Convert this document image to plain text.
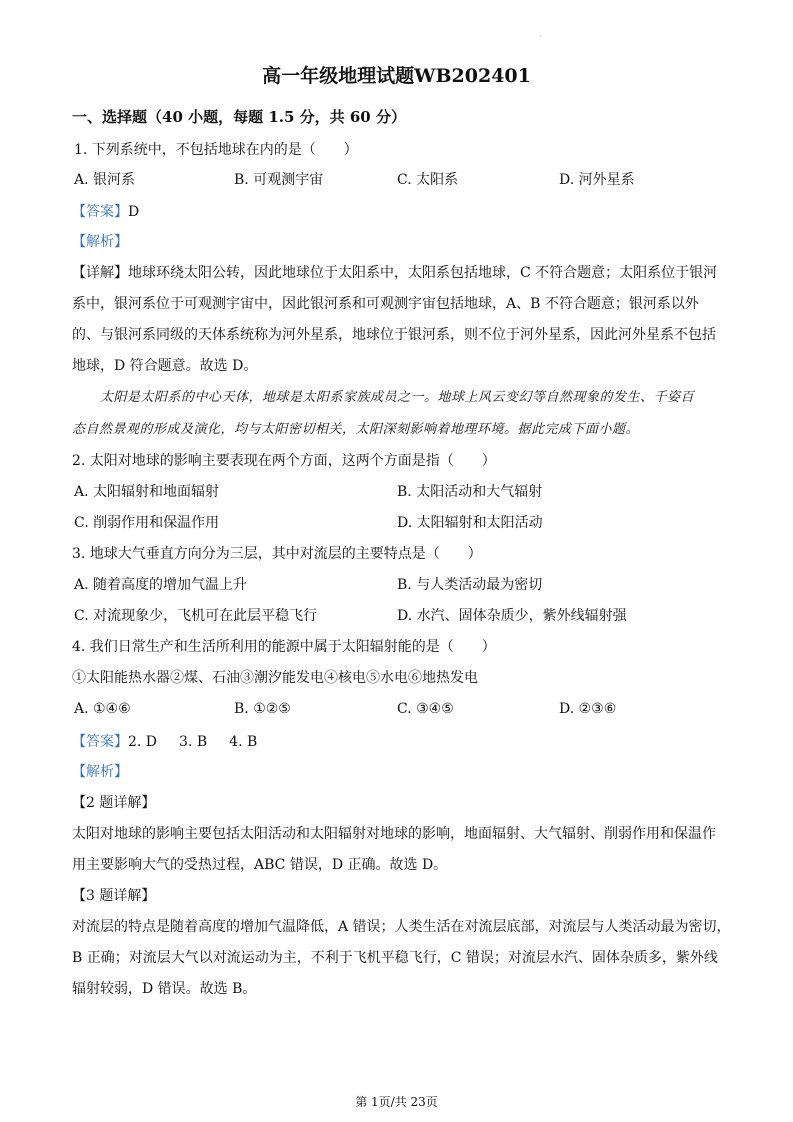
·
高一年级地理试题WB202401
一、选择题（40 小题，每题 1.5 分，共 60 分）
1. 下列系统中，不包括地球在内的是（　　）
A. 银河系	B. 可观测宇宙	C. 太阳系	D. 河外星系
【答案】D
【解析】
【详解】地球环绕太阳公转，因此地球位于太阳系中，太阳系包括地球，C 不符合题意；太阳系位于银河
系中，银河系位于可观测宇宙中，因此银河系和可观测宇宙包括地球，A、B 不符合题意；银河系以外
的、与银河系同级的天体系统称为河外星系，地球位于银河系，则不位于河外星系，因此河外星系不包括
地球，D 符合题意。故选 D。
太阳是太阳系的中心天体，地球是太阳系家族成员之一。地球上风云变幻等自然现象的发生、千姿百
态自然景观的形成及演化，均与太阳密切相关，太阳深刻影响着地理环境。据此完成下面小题。
2. 太阳对地球的影响主要表现在两个方面，这两个方面是指（　　）
A. 太阳辐射和地面辐射	B. 太阳活动和大气辐射
C. 削弱作用和保温作用	D. 太阳辐射和太阳活动
3. 地球大气垂直方向分为三层，其中对流层的主要特点是（　　）
A. 随着高度的增加气温上升	B. 与人类活动最为密切
C. 对流现象少，飞机可在此层平稳飞行	D. 水汽、固体杂质少，紫外线辐射强
4. 我们日常生产和生活所利用的能源中属于太阳辐射能的是（　　）
①太阳能热水器②煤、石油③潮汐能发电④核电⑤水电⑥地热发电
A. ①④⑥	B. ①②⑤	C. ③④⑤	D. ②③⑥
【答案】2. D 3. B 4. B
【解析】
【2 题详解】
太阳对地球的影响主要包括太阳活动和太阳辐射对地球的影响，地面辐射、大气辐射、削弱作用和保温作
用主要影响大气的受热过程，ABC 错误，D 正确。故选 D。
【3 题详解】
对流层的特点是随着高度的增加气温降低，A 错误；人类生活在对流层底部，对流层与人类活动最为密切，
B 正确；对流层大气以对流运动为主，不利于飞机平稳飞行，C 错误；对流层水汽、固体杂质多，紫外线
辐射较弱，D 错误。故选 B。
第 1页/共 23页
